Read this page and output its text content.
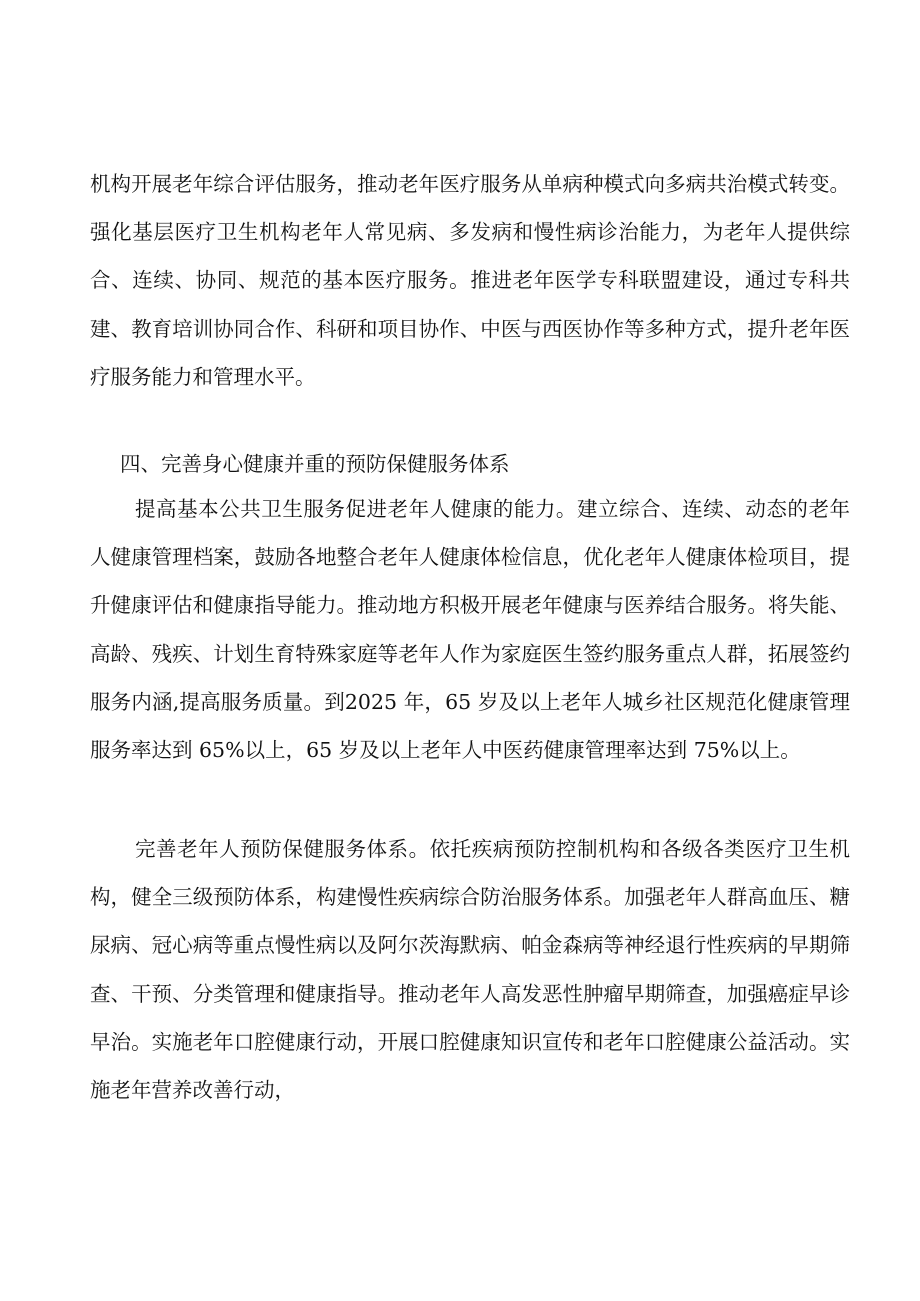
机构开展老年综合评估服务，推动老年医疗服务从单病种模式向多病共治模式转变。强化基层医疗卫生机构老年人常见病、多发病和慢性病诊治能力，为老年人提供综合、连续、协同、规范的基本医疗服务。推进老年医学专科联盟建设，通过专科共建、教育培训协同合作、科研和项目协作、中医与西医协作等多种方式，提升老年医疗服务能力和管理水平。

四、完善身心健康并重的预防保健服务体系

提高基本公共卫生服务促进老年人健康的能力。建立综合、连续、动态的老年人健康管理档案，鼓励各地整合老年人健康体检信息，优化老年人健康体检项目，提升健康评估和健康指导能力。推动地方积极开展老年健康与医养结合服务。将失能、高龄、残疾、计划生育特殊家庭等老年人作为家庭医生签约服务重点人群，拓展签约服务内涵,提高服务质量。到2025 年，65 岁及以上老年人城乡社区规范化健康管理服务率达到 65%以上，65 岁及以上老年人中医药健康管理率达到 75%以上。

完善老年人预防保健服务体系。依托疾病预防控制机构和各级各类医疗卫生机构，健全三级预防体系，构建慢性疾病综合防治服务体系。加强老年人群高血压、糖尿病、冠心病等重点慢性病以及阿尔茨海默病、帕金森病等神经退行性疾病的早期筛查、干预、分类管理和健康指导。推动老年人高发恶性肿瘤早期筛查，加强癌症早诊早治。实施老年口腔健康行动，开展口腔健康知识宣传和老年口腔健康公益活动。实施老年营养改善行动，
